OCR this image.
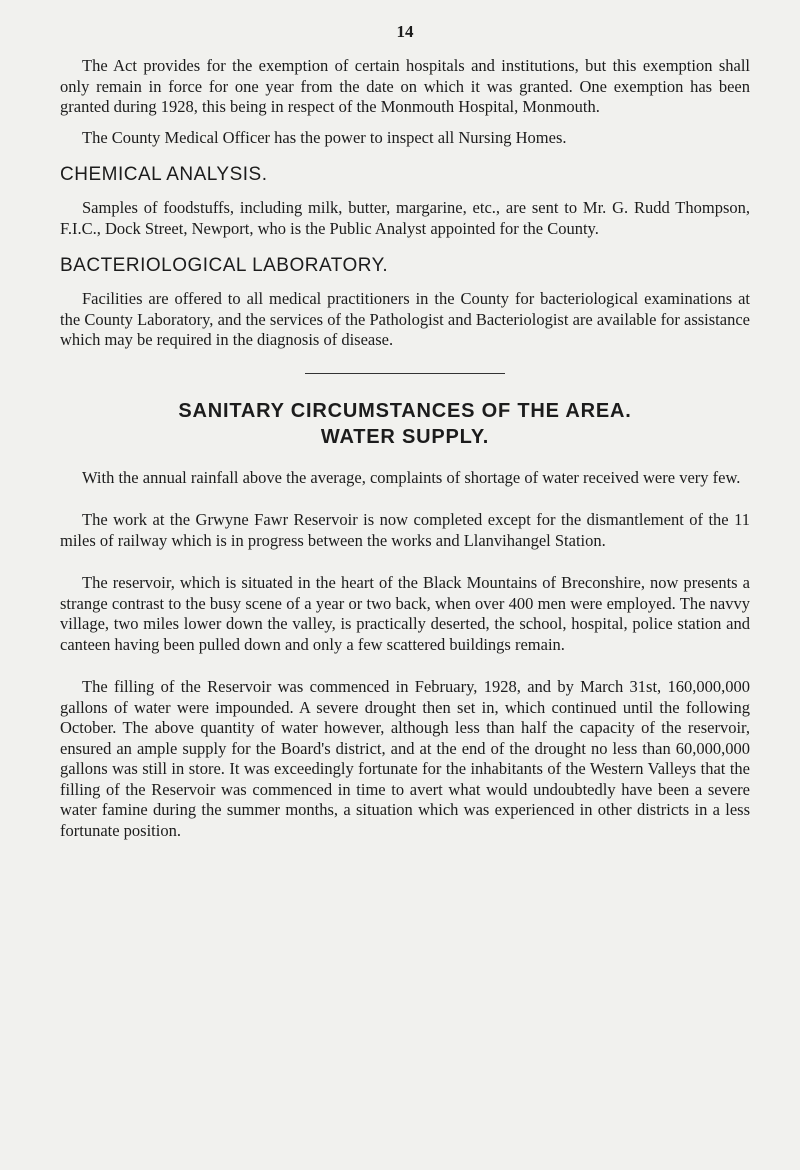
14

The Act provides for the exemption of certain hospitals and institutions, but this exemption shall only remain in force for one year from the date on which it was granted. One exemption has been granted during 1928, this being in respect of the Monmouth Hospital, Monmouth.

The County Medical Officer has the power to inspect all Nursing Homes.

CHEMICAL ANALYSIS.

Samples of foodstuffs, including milk, butter, margarine, etc., are sent to Mr. G. Rudd Thompson, F.I.C., Dock Street, Newport, who is the Public Analyst appointed for the County.

BACTERIOLOGICAL LABORATORY.

Facilities are offered to all medical practitioners in the County for bacteriological examinations at the County Laboratory, and the services of the Pathologist and Bacteriologist are available for assistance which may be required in the diagnosis of disease.

SANITARY CIRCUMSTANCES OF THE AREA.
WATER SUPPLY.

With the annual rainfall above the average, complaints of shortage of water received were very few.

The work at the Grwyne Fawr Reservoir is now completed except for the dismantlement of the 11 miles of railway which is in progress between the works and Llanvihangel Station.

The reservoir, which is situated in the heart of the Black Mountains of Breconshire, now presents a strange contrast to the busy scene of a year or two back, when over 400 men were employed. The navvy village, two miles lower down the valley, is practically deserted, the school, hospital, police station and canteen having been pulled down and only a few scattered buildings remain.

The filling of the Reservoir was commenced in February, 1928, and by March 31st, 160,000,000 gallons of water were impounded. A severe drought then set in, which continued until the following October. The above quantity of water however, although less than half the capacity of the reservoir, ensured an ample supply for the Board's district, and at the end of the drought no less than 60,000,000 gallons was still in store. It was exceedingly fortunate for the inhabitants of the Western Valleys that the filling of the Reservoir was commenced in time to avert what would undoubtedly have been a severe water famine during the summer months, a situation which was experienced in other districts in a less fortunate position.
